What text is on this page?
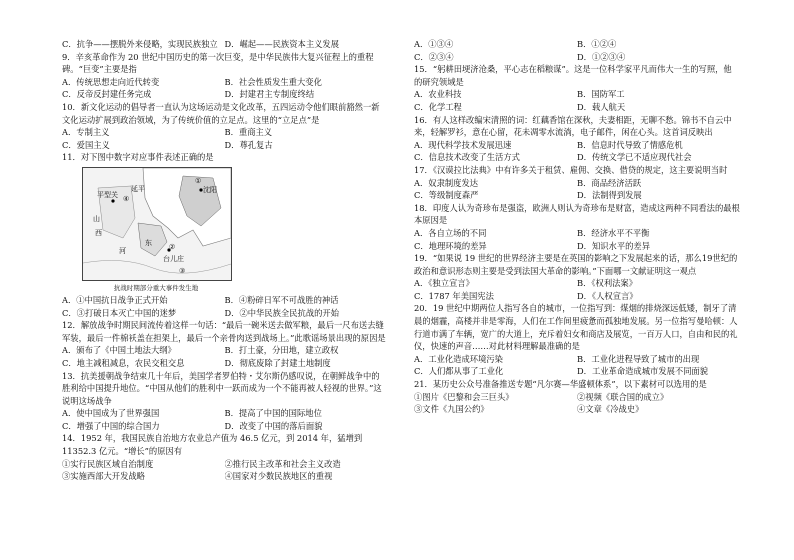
C．抗争——摆脱外来侵略，实现民族独立 D．崛起——民族资本主义发展

9．辛亥革命作为 20 世纪中国历史的第一次巨变，是中华民族伟大复兴征程上的重程碑。“巨变”主要是指

A．传统思想走向近代转变	B．社会性质发生重大变化
C．反帝反封建任务完成	D．封建君主专制度终结

10．新文化运动的倡导者一直认为这场运动是文化改革，五四运动令他们眼前豁然一新文化运动扩展到政治领域，为了传统价值的立足点。这里的“立足点”是

A．专制主义	B．重商主义
C．爱国主义	D．尊孔复古

11．对下图中数字对应事件表述正确的是

①
沈阳
平型关 ④
延平
山
西
东
河	②
台儿庄
③
抗战时期部分重大事件发生地
A．①中国抗日战争正式开始	B．④粉碎日军不可战胜的神话
C．③打破日本灭亡中国的迷梦	D．②中华民族全民抗战的开始

12．解放战争时期民间流传着这样一句话：“最后一碗米送去做军粮，最后一尺布送去缝军装，最后一件棉袄盖在担架上，最后一个亲骨肉送到战场上。”此歌谣场景出现的原因是

A．颁布了《中国土地法大纲》	B．打土豪，分田地，建立政权
C．地主减租减息，农民交租交息	D．彻底废除了封建土地制度

13．抗美援朝战争结束几十年后，美国学者罗伯特・艾尔斯仍感叹说，在朝鲜战争中的胜利给中国提升地位。“中国从他们的胜利中一跃而成为一个不能再被人轻视的世界。”这说明这场战争

A．使中国成为了世界强国	B．提高了中国的国际地位
C．增强了中国的综合国力	D．改变了中国的落后面貌

14．1952 年，我国民族自治地方农业总产值为 46.5 亿元，到 2014 年，猛增到 11352.3 亿元。“增长”的原因有

①实行民族区域自治制度	②推行民主改革和社会主义改造
③实施西部大开发战略	④国家对少数民族地区的重视
A．①③④	B．①②④
C．②③④	D．①②③④

15．“躬耕田埂济沧桑，平心志在稻粮谋”。这是一位科学家平凡而伟大一生的写照，他的研究领域是

A．农业科技	B．国防军工
C．化学工程	D．载人航天

16．有人这样改编宋清照的词：红藕香馆在深秋，夫妻相距，无聊不愁。锦书不自云中来，轻解罗衫，意在心留，花未凋零水流淌，电子邮件，闲在心头。这首词反映出

A．现代科学技术发展迅速	B．信息时代导致了情感危机
C．信息技术改变了生活方式	D．传统文学已不适应现代社会

17．《汉谟拉比法典》中有许多关于租赁、雇佣、交换、借贷的规定，这主要说明当时

A．奴隶制度发达	B．商品经济活跃
C．等级制度森严	D．法制得到发展

18．印度人认为奇珍布是强盗，欧洲人则认为奇珍布是财富，造成这两种不同看法的最根本原因是

A．各自立场的不同	B．经济水平不平衡
C．地理环境的差异	D．知识水平的差异

19．“如果说 19 世纪的世界经济主要是在英国的影响之下发展起来的话，那么19世纪的政治和意识形态则主要是受到法国大革命的影响。”下面哪一文献证明这一观点

A．《独立宣言》	B．《权利法案》
C．1787 年美国宪法	D．《人权宣言》

20．19 世纪中期两位人指写各自的城市，一位指写到：煤烟的排烧深远低矮，制牙了清晨的烟霾，高楼并非是零海，人们在工作间里疲惫而孤独地发展。另一位指写曼哈顿：人行道市满了车辆，宽广的大道上，充斥着妇女和商店及展览，一百万人口，自由和民的礼仪，快速的声音……对此材料理解最准确的是

A．工业化造成环境污染	B．工业化进程导致了城市的出现
C．人们都从事了工业化	D．工业革命造成城市发展不同面貌

21．某历史公众号准备推送专题“凡尔赛—华盛顿体系”，以下素材可以选用的是

①图片《巴黎和会三巨头》	②视频《联合国的成立》
③文件《九国公约》	④文章《冷战史》
